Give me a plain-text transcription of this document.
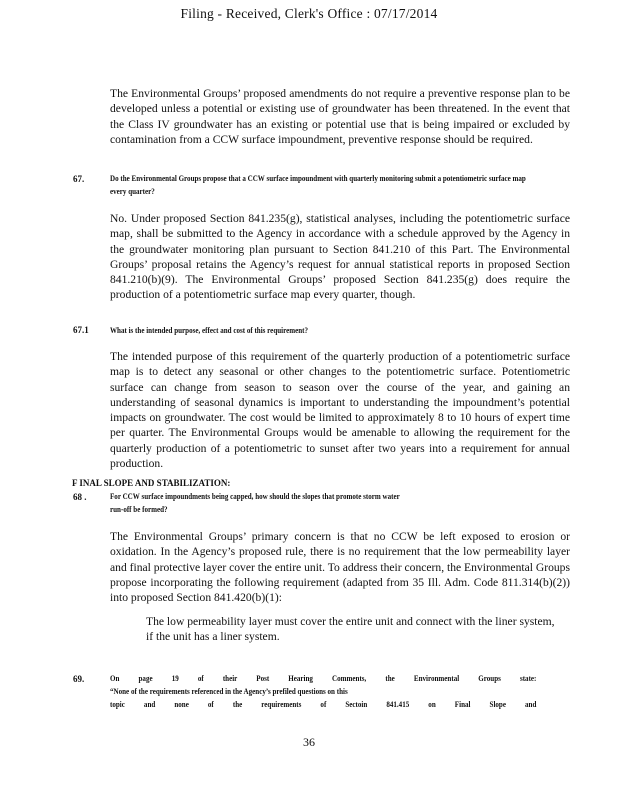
Filing - Received, Clerk's Office : 07/17/2014
The Environmental Groups’ proposed amendments do not require a preventive response plan to be developed unless a potential or existing use of groundwater has been threatened. In the event that the Class IV groundwater has an existing or potential use that is being impaired or excluded by contamination from a CCW surface impoundment, preventive response should be required.
67.	Do the Environmental Groups propose that a CCW surface impoundment with quarterly monitoring submit a potentiometric surface map every quarter?
No. Under proposed Section 841.235(g), statistical analyses, including the potentiometric surface map, shall be submitted to the Agency in accordance with a schedule approved by the Agency in the groundwater monitoring plan pursuant to Section 841.210 of this Part. The Environmental Groups’ proposal retains the Agency’s request for annual statistical reports in proposed Section 841.210(b)(9). The Environmental Groups’ proposed Section 841.235(g) does require the production of a potentiometric surface map every quarter, though.
67.1 What is the intended purpose, effect and cost of this requirement?
The intended purpose of this requirement of the quarterly production of a potentiometric surface map is to detect any seasonal or other changes to the potentiometric surface. Potentiometric surface can change from season to season over the course of the year, and gaining an understanding of seasonal dynamics is important to understanding the impoundment’s potential impacts on groundwater. The cost would be limited to approximately 8 to 10 hours of expert time per quarter. The Environmental Groups would be amenable to allowing the requirement for the quarterly production of a potentiometric to sunset after two years into a requirement for annual production.
F INAL SLOPE AND STABILIZATION:
68 .	For CCW surface impoundments being capped, how should the slopes that promote storm water run-off be formed?
The Environmental Groups’ primary concern is that no CCW be left exposed to erosion or oxidation. In the Agency’s proposed rule, there is no requirement that the low permeability layer and final protective layer cover the entire unit. To address their concern, the Environmental Groups propose incorporating the following requirement (adapted from 35 Ill. Adm. Code 811.314(b)(2)) into proposed Section 841.420(b)(1):
The low permeability layer must cover the entire unit and connect with the liner system, if the unit has a liner system.
69.	On page 19 of their Post Hearing Comments, the Environmental Groups state:
“None of the requirements referenced in the Agency’s prefiled questions on this
topic and none of the requirements of Sectoin 841.415 on Final Slope and
36
